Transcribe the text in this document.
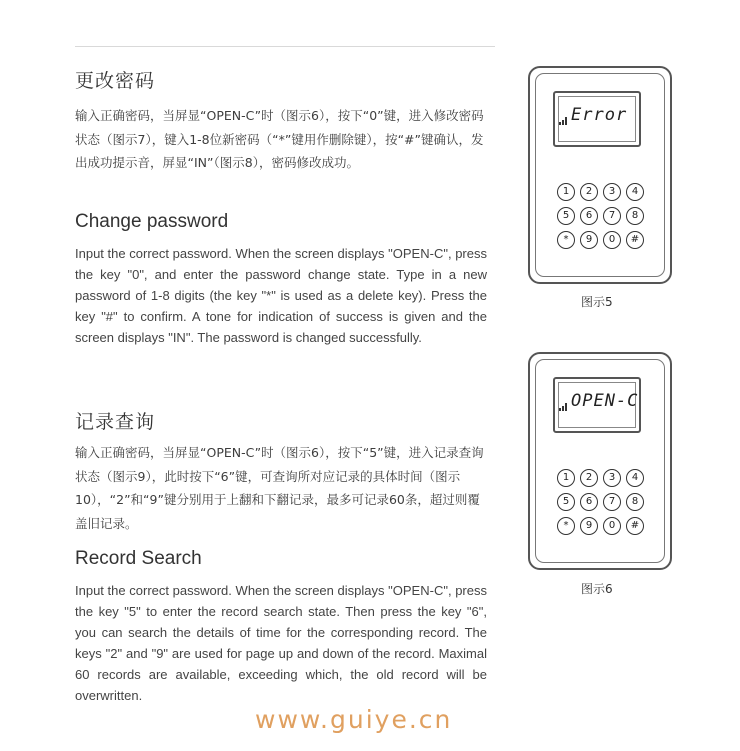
更改密码
输入正确密码，当屏显“OPEN-C”时（图示6），按下“0”键，进入修改密码状态（图示7），键入1-8位新密码（“*”键用作删除键），按“#”键确认，发出成功提示音，屏显“IN”（图示8），密码修改成功。
Change password
Input the correct password. When the screen displays "OPEN-C", press the key "0", and enter the password change state. Type in a new password of 1-8 digits (the key "*" is used as a delete key). Press the key "#" to confirm. A tone for indication of success is given and the screen displays "IN". The password is changed successfully.
记录查询
输入正确密码，当屏显“OPEN-C”时（图示6），按下“5”键，进入记录查询状态（图示9），此时按下“6”键，可查询所对应记录的具体时间（图示10），“2”和“9”键分别用于上翻和下翻记录，最多可记录60条，超过则覆盖旧记录。
Record Search
Input the correct password. When the screen displays "OPEN-C", press the key "5" to enter the record search state. Then press the key "6", you can search the details of time for the corresponding record. The keys "2" and "9" are used for page up and down of the record. Maximal 60 records are available, exceeding which, the old record will be overwritten.
Error
1	2	3	4
5	6	7	8
*	9	0	#
图示5
OPEN-C
1	2	3	4
5	6	7	8
*	9	0	#
图示6
www.guiye.cn
